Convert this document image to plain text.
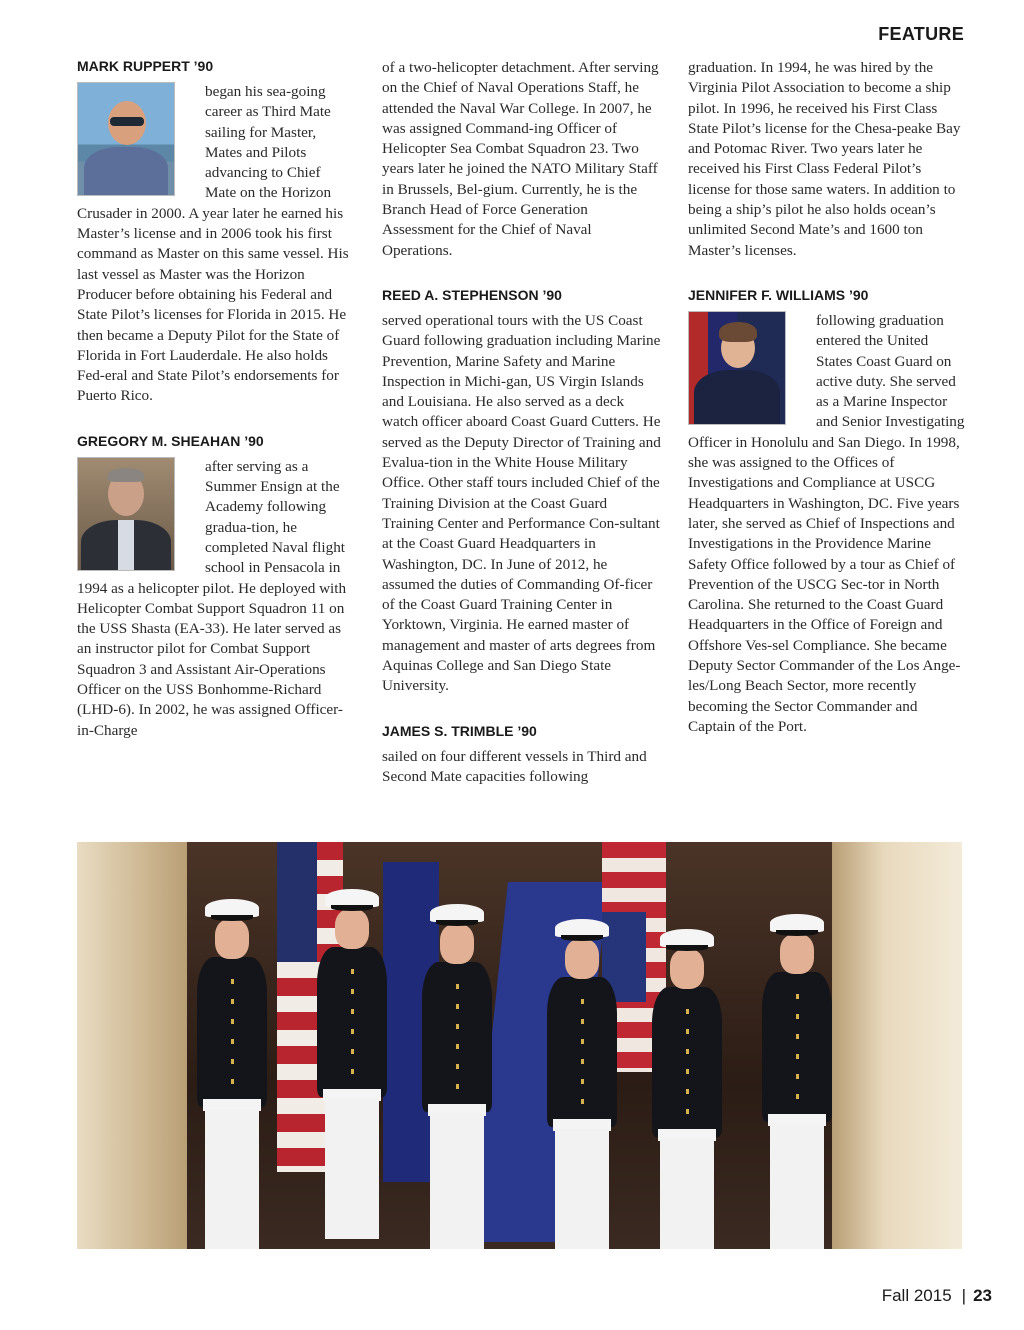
FEATURE
MARK RUPPERT ’90

began his sea-going career as Third Mate sailing for Master, Mates and Pilots advancing to Chief Mate on the Horizon Crusader in 2000. A year later he earned his Master’s license and in 2006 took his first command as Master on this same vessel. His last vessel as Master was the Horizon Producer before obtaining his Federal and State Pilot’s licenses for Florida in 2015. He then became a Deputy Pilot for the State of Florida in Fort Lauderdale. He also holds Fed-eral and State Pilot’s endorsements for Puerto Rico.

GREGORY M. SHEAHAN ’90

after serving as a Summer Ensign at the Academy following gradua-tion, he completed Naval flight school in Pensacola in 1994 as a helicopter pilot. He deployed with Helicopter Combat Support Squadron 11 on the USS Shasta (EA-33). He later served as an instructor pilot for Combat Support Squadron 3 and Assistant Air-Operations Officer on the USS Bonhomme-Richard (LHD-6). In 2002, he was assigned Officer-in-Charge

of a two-helicopter detachment. After serving on the Chief of Naval Operations Staff, he attended the Naval War College. In 2007, he was assigned Command-ing Officer of Helicopter Sea Combat Squadron 23. Two years later he joined the NATO Military Staff in Brussels, Bel-gium. Currently, he is the Branch Head of Force Generation Assessment for the Chief of Naval Operations.

REED A. STEPHENSON ’90

served operational tours with the US Coast Guard following graduation including Marine Prevention, Marine Safety and Marine Inspection in Michi-gan, US Virgin Islands and Louisiana. He also served as a deck watch officer aboard Coast Guard Cutters. He served as the Deputy Director of Training and Evalua-tion in the White House Military Office. Other staff tours included Chief of the Training Division at the Coast Guard Training Center and Performance Con-sultant at the Coast Guard Headquarters in Washington, DC. In June of 2012, he assumed the duties of Commanding Of-ficer of the Coast Guard Training Center in Yorktown, Virginia. He earned master of management and master of arts degrees from Aquinas College and San Diego State University.

JAMES S. TRIMBLE ’90

sailed on four different vessels in Third and Second Mate capacities following

graduation. In 1994, he was hired by the Virginia Pilot Association to become a ship pilot. In 1996, he received his First Class State Pilot’s license for the Chesa-peake Bay and Potomac River. Two years later he received his First Class Federal Pilot’s license for those same waters. In addition to being a ship’s pilot he also holds ocean’s unlimited Second Mate’s and 1600 ton Master’s licenses.

JENNIFER F. WILLIAMS ’90

following graduation entered the United States Coast Guard on active duty. She served as a Marine Inspector and Senior Investigating Officer in Honolulu and San Diego. In 1998, she was assigned to the Offices of Investigations and Compliance at USCG Headquarters in Washington, DC. Five years later, she served as Chief of Inspections and Investigations in the Providence Marine Safety Office followed by a tour as Chief of Prevention of the USCG Sec-tor in North Carolina. She returned to the Coast Guard Headquarters in the Office of Foreign and Offshore Ves-sel Compliance. She became Deputy Sector Commander of the Los Ange-les/Long Beach Sector, more recently becoming the Sector Commander and Captain of the Port.

Fall 2015 | 23
